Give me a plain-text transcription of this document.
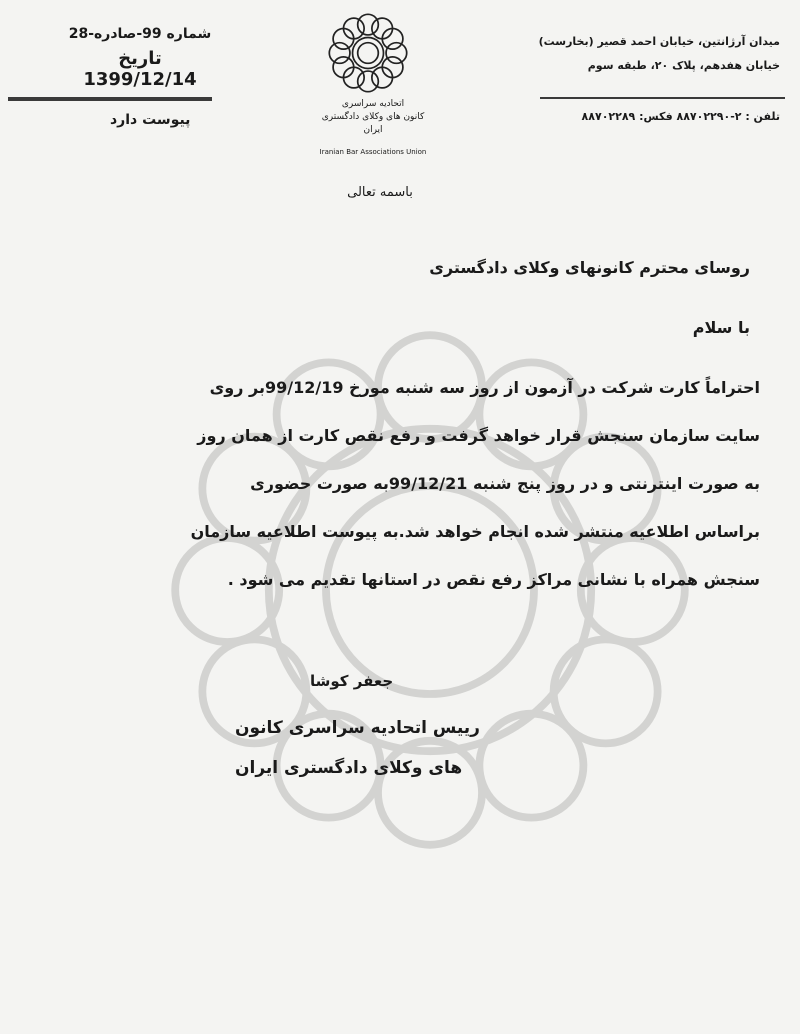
شماره 99-صادره-28
تاریخ 1399/12/14
پیوست دارد
اتحادیه سراسری
کانون های وکلای دادگستری ایران
Iranian Bar Associations Union
میدان آرژانتین، خیابان احمد قصیر (بخارست)
خیابان هفدهم، پلاک ۲۰، طبقه سوم
تلفن : ۲-۸۸۷۰۲۲۹۰ فکس: ۸۸۷۰۲۲۸۹
باسمه تعالی
روسای محترم کانونهای وکلای دادگستری
با سلام
احتراماً کارت شرکت در آزمون از روز سه شنبه مورخ 99/12/19بر روی
سایت سازمان سنجش قرار خواهد گرفت و رفع نقص کارت از همان روز
به صورت اینترنتی و در روز پنج شنبه 99/12/21به صورت حضوری
براساس اطلاعیه منتشر شده انجام خواهد شد.به پیوست اطلاعیه سازمان
سنجش همراه با نشانی مراکز رفع نقص در استانها تقدیم می شود .
جعفر کوشا
رییس اتحادیه سراسری کانون
های وکلای دادگستری ایران
